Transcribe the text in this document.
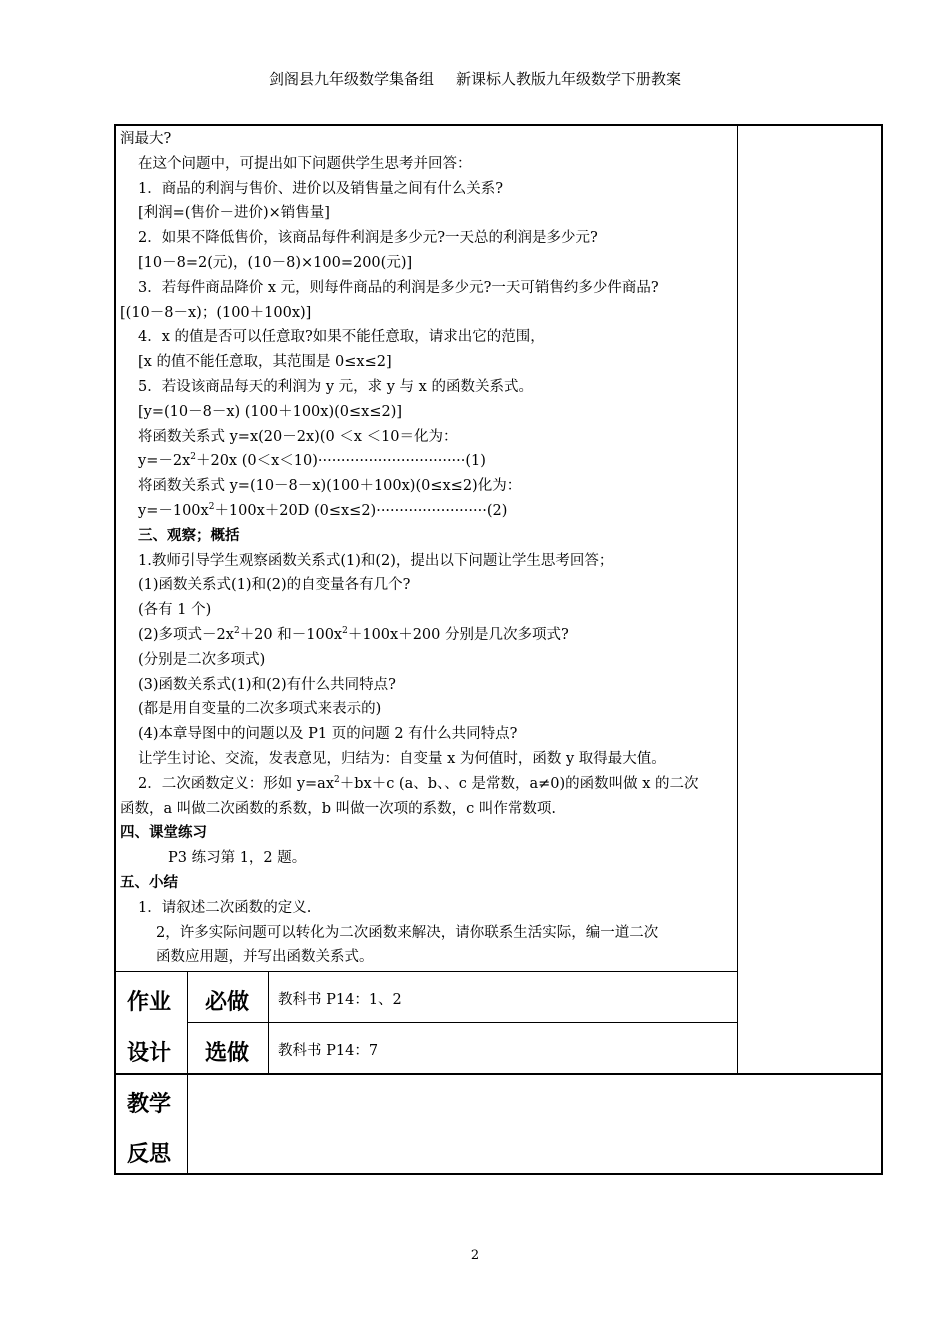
剑阁县九年级数学集备组 新课标人教版九年级数学下册教案
润最大?
在这个问题中，可提出如下问题供学生思考并回答：
1．商品的利润与售价、进价以及销售量之间有什么关系?
[利润=(售价－进价)×销售量]
2．如果不降低售价，该商品每件利润是多少元?一天总的利润是多少元?
[10－8=2(元)，(10－8)×100=200(元)]
3．若每件商品降价 x 元，则每件商品的利润是多少元?一天可销售约多少件商品?
[(10－8－x)；(100＋100x)]
4．x 的值是否可以任意取?如果不能任意取，请求出它的范围，
[x 的值不能任意取，其范围是 0≤x≤2]
5．若设该商品每天的利润为 y 元，求 y 与 x 的函数关系式。
[y=(10－8－x) (100＋100x)(0≤x≤2)]
将函数关系式 y=x(20－2x)(0 ＜x ＜10＝化为：
$y=-2x^2+20x$ (0＜x＜10)································(1)
将函数关系式 y=(10－8－x)(100＋100x)(0≤x≤2)化为：
$y=-100x^2+100x+20D$ (0≤x≤2)························(2)
三、观察；概括
1.教师引导学生观察函数关系式(1)和(2)，提出以下问题让学生思考回答；
(1)函数关系式(1)和(2)的自变量各有几个?
(各有 1 个)
(2)多项式$-2x^2+20$ 和$-100x^2+100x+200$ 分别是几次多项式?
(分别是二次多项式)
(3)函数关系式(1)和(2)有什么共同特点?
(都是用自变量的二次多项式来表示的)
(4)本章导图中的问题以及 P1 页的问题 2 有什么共同特点?
让学生讨论、交流，发表意见，归结为：自变量 x 为何值时，函数 y 取得最大值。
2．二次函数定义：形如 $y=ax^2+bx+c$ (a、b、、c 是常数，a≠0)的函数叫做 x 的二次
函数，a 叫做二次函数的系数，b 叫做一次项的系数，c 叫作常数项.
四、课堂练习
P3 练习第 1，2 题。
五、小结
1．请叙述二次函数的定义.
2，许多实际问题可以转化为二次函数来解决，请你联系生活实际，编一道二次
函数应用题，并写出函数关系式。
作业
设计
必做
选做
教科书 P14：1、2
教科书 P14：7
教学
反思
2
